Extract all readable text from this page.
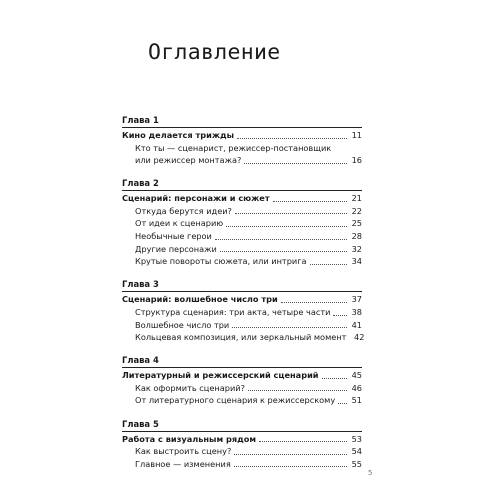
Оглавление
Глава 1
Кино делается трижды	11
Кто ты — сценарист, режиссер-постановщик
или режиссер монтажа?	16
Глава 2
Сценарий: персонажи и сюжет	21
Откуда берутся идеи?	22
От идеи к сценарию	25
Необычные герои	28
Другие персонажи	32
Крутые повороты сюжета, или интрига	34
Глава 3
Сценарий: волшебное число три	37
Структура сценария: три акта, четыре части	38
Волшебное число три	41
Кольцевая композиция, или зеркальный момент 42
Глава 4
Литературный и режиссерский сценарий	45
Как оформить сценарий?	46
От литературного сценария к режиссерскому 51
Глава 5
Работа с визуальным рядом	53
Как выстроить сцену?	54
Главное — изменения	55
5
